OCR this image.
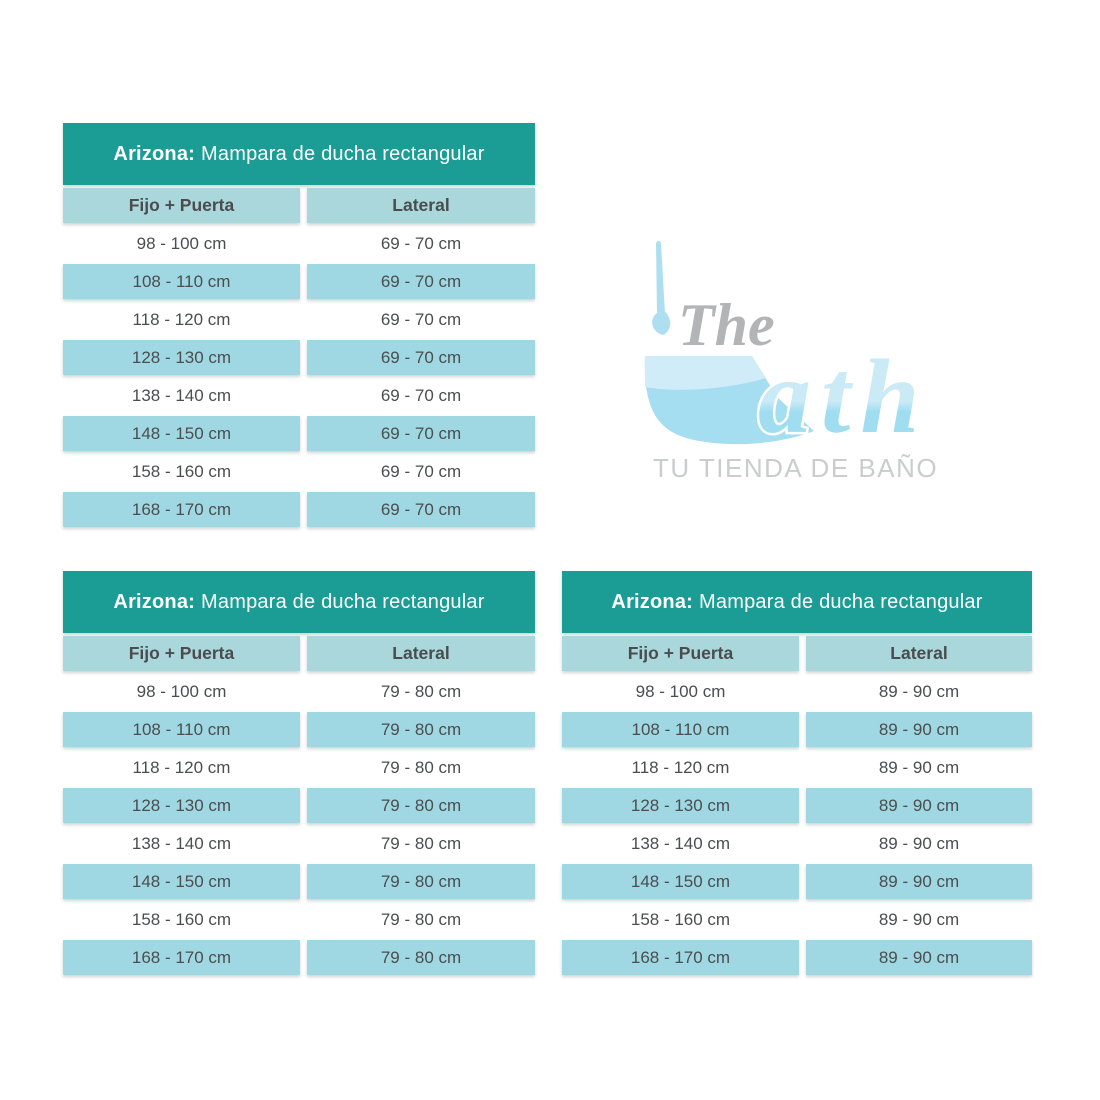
Arizona: Mampara de ducha rectangular
Fijo + Puerta	Lateral
98 - 100 cm	69 - 70 cm
108 - 110 cm	69 - 70 cm
118 - 120 cm	69 - 70 cm
128 - 130 cm	69 - 70 cm
138 - 140 cm	69 - 70 cm
148 - 150 cm	69 - 70 cm
158 - 160 cm	69 - 70 cm
168 - 170 cm	69 - 70 cm
Arizona: Mampara de ducha rectangular
Fijo + Puerta	Lateral
98 - 100 cm	79 - 80 cm
108 - 110 cm	79 - 80 cm
118 - 120 cm	79 - 80 cm
128 - 130 cm	79 - 80 cm
138 - 140 cm	79 - 80 cm
148 - 150 cm	79 - 80 cm
158 - 160 cm	79 - 80 cm
168 - 170 cm	79 - 80 cm
Arizona: Mampara de ducha rectangular
Fijo + Puerta	Lateral
98 - 100 cm	89 - 90 cm
108 - 110 cm	89 - 90 cm
118 - 120 cm	89 - 90 cm
128 - 130 cm	89 - 90 cm
138 - 140 cm	89 - 90 cm
148 - 150 cm	89 - 90 cm
158 - 160 cm	89 - 90 cm
168 - 170 cm	89 - 90 cm
The
ath
TU TIENDA DE BAÑO
